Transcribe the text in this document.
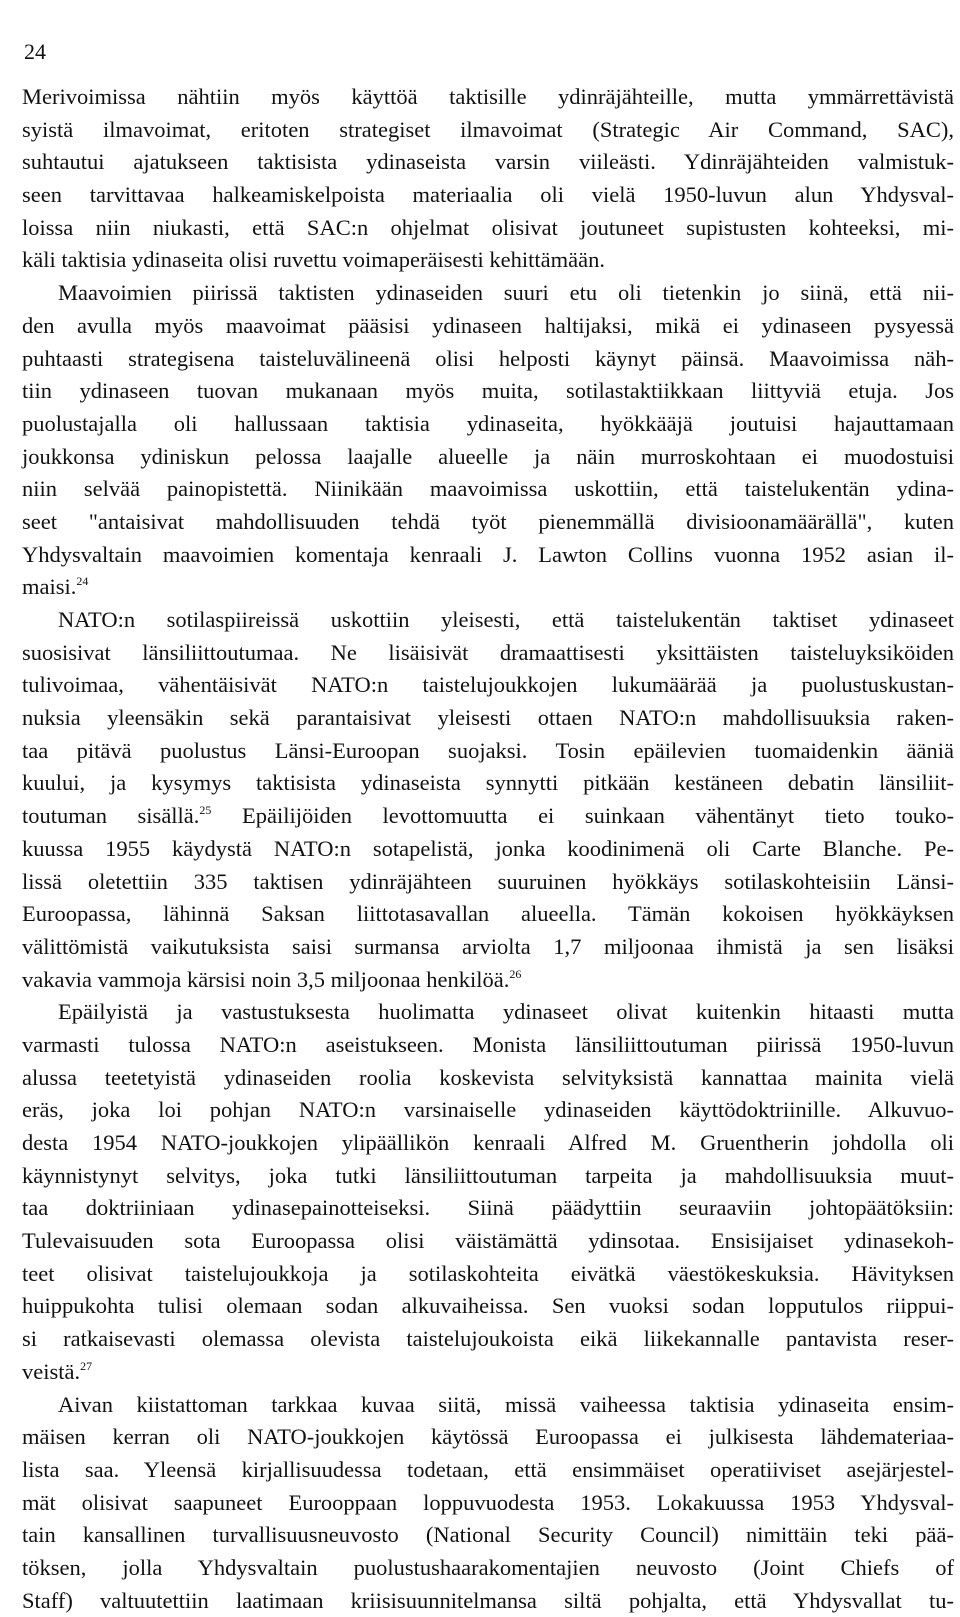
24
Merivoimissa nähtiin myös käyttöä taktisille ydinräjähteille, mutta ymmärrettävistä
syistä ilmavoimat, eritoten strategiset ilmavoimat (Strategic Air Command, SAC),
suhtautui ajatukseen taktisista ydinaseista varsin viileästi. Ydinräjähteiden valmistuk-
seen tarvittavaa halkeamiskelpoista materiaalia oli vielä 1950-luvun alun Yhdysval-
loissa niin niukasti, että SAC:n ohjelmat olisivat joutuneet supistusten kohteeksi, mi-
käli taktisia ydinaseita olisi ruvettu voimaperäisesti kehittämään.
Maavoimien piirissä taktisten ydinaseiden suuri etu oli tietenkin jo siinä, että nii-
den avulla myös maavoimat pääsisi ydinaseen haltijaksi, mikä ei ydinaseen pysyessä
puhtaasti strategisena taisteluvälineenä olisi helposti käynyt päinsä. Maavoimissa näh-
tiin ydinaseen tuovan mukanaan myös muita, sotilastaktiikkaan liittyviä etuja. Jos
puolustajalla oli hallussaan taktisia ydinaseita, hyökkääjä joutuisi hajauttamaan
joukkonsa ydiniskun pelossa laajalle alueelle ja näin murroskohtaan ei muodostuisi
niin selvää painopistettä. Niinikään maavoimissa uskottiin, että taistelukentän ydina-
seet "antaisivat mahdollisuuden tehdä työt pienemmällä divisioonamäärällä", kuten
Yhdysvaltain maavoimien komentaja kenraali J. Lawton Collins vuonna 1952 asian il-
maisi.$^{24}$
NATO:n sotilaspiireissä uskottiin yleisesti, että taistelukentän taktiset ydinaseet
suosisivat länsiliittoutumaa. Ne lisäisivät dramaattisesti yksittäisten taisteluyksiköiden
tulivoimaa, vähentäisivät NATO:n taistelujoukkojen lukumäärää ja puolustuskustan-
nuksia yleensäkin sekä parantaisivat yleisesti ottaen NATO:n mahdollisuuksia raken-
taa pitävä puolustus Länsi-Euroopan suojaksi. Tosin epäilevien tuomaidenkin ääniä
kuului, ja kysymys taktisista ydinaseista synnytti pitkään kestäneen debatin länsiliit-
toutuman sisällä.$^{25}$ Epäilijöiden levottomuutta ei suinkaan vähentänyt tieto touko-
kuussa 1955 käydystä NATO:n sotapelistä, jonka koodinimenä oli Carte Blanche. Pe-
lissä oletettiin 335 taktisen ydinräjähteen suuruinen hyökkäys sotilaskohteisiin Länsi-
Euroopassa, lähinnä Saksan liittotasavallan alueella. Tämän kokoisen hyökkäyksen
välittömistä vaikutuksista saisi surmansa arviolta 1,7 miljoonaa ihmistä ja sen lisäksi
vakavia vammoja kärsisi noin 3,5 miljoonaa henkilöä.$^{26}$
Epäilyistä ja vastustuksesta huolimatta ydinaseet olivat kuitenkin hitaasti mutta
varmasti tulossa NATO:n aseistukseen. Monista länsiliittoutuman piirissä 1950-luvun
alussa teetetyistä ydinaseiden roolia koskevista selvityksistä kannattaa mainita vielä
eräs, joka loi pohjan NATO:n varsinaiselle ydinaseiden käyttödoktriinille. Alkuvuo-
desta 1954 NATO-joukkojen ylipäällikön kenraali Alfred M. Gruentherin johdolla oli
käynnistynyt selvitys, joka tutki länsiliittoutuman tarpeita ja mahdollisuuksia muut-
taa doktriiniaan ydinasepainotteiseksi. Siinä päädyttiin seuraaviin johtopäätöksiin:
Tulevaisuuden sota Euroopassa olisi väistämättä ydinsotaa. Ensisijaiset ydinasekoh-
teet olisivat taistelujoukkoja ja sotilaskohteita eivätkä väestökeskuksia. Hävityksen
huippukohta tulisi olemaan sodan alkuvaiheissa. Sen vuoksi sodan lopputulos riippui-
si ratkaisevasti olemassa olevista taistelujoukoista eikä liikekannalle pantavista reser-
veistä.$^{27}$
Aivan kiistattoman tarkkaa kuvaa siitä, missä vaiheessa taktisia ydinaseita ensim-
mäisen kerran oli NATO-joukkojen käytössä Euroopassa ei julkisesta lähdemateriaa-
lista saa. Yleensä kirjallisuudessa todetaan, että ensimmäiset operatiiviset asejärjestel-
mät olisivat saapuneet Eurooppaan loppuvuodesta 1953. Lokakuussa 1953 Yhdysval-
tain kansallinen turvallisuusneuvosto (National Security Council) nimittäin teki pää-
töksen, jolla Yhdysvaltain puolustushaarakomentajien neuvosto (Joint Chiefs of
Staff) valtuutettiin laatimaan kriisisuunnitelmansa siltä pohjalta, että Yhdysvallat tu-
